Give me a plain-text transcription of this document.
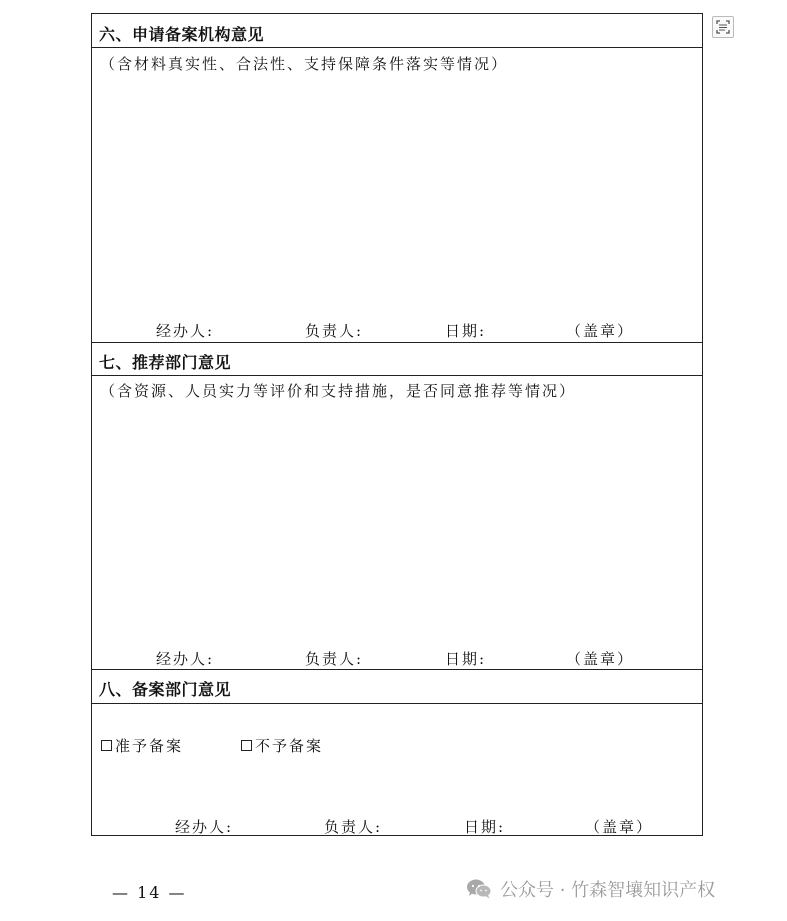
六、申请备案机构意见
（含材料真实性、合法性、支持保障条件落实等情况）
经办人:	负责人:	日期:	（盖章）
七、推荐部门意见
（含资源、人员实力等评价和支持措施，是否同意推荐等情况）
经办人:	负责人:	日期:	（盖章）
八、备案部门意见
准予备案	不予备案
经办人:	负责人:	日期:	（盖章）
— 14 —	公众号 · 竹森智壤知识产权
